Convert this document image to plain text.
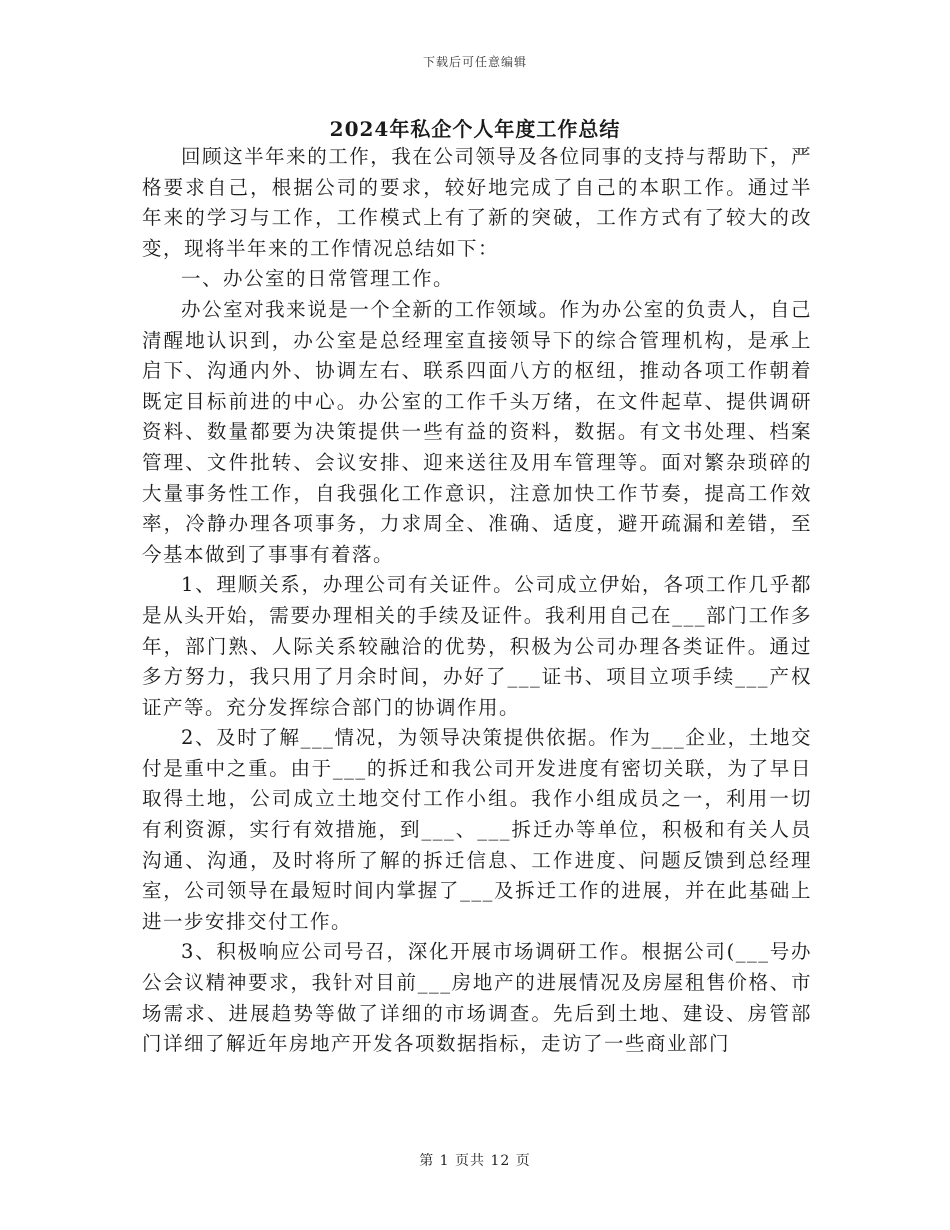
下载后可任意编辑
2024年私企个人年度工作总结

回顾这半年来的工作，我在公司领导及各位同事的支持与帮助下，严格要求自己，根据公司的要求，较好地完成了自己的本职工作。通过半年来的学习与工作，工作模式上有了新的突破，工作方式有了较大的改变，现将半年来的工作情况总结如下：

一、办公室的日常管理工作。

办公室对我来说是一个全新的工作领域。作为办公室的负责人，自己清醒地认识到，办公室是总经理室直接领导下的综合管理机构，是承上启下、沟通内外、协调左右、联系四面八方的枢纽，推动各项工作朝着既定目标前进的中心。办公室的工作千头万绪，在文件起草、提供调研资料、数量都要为决策提供一些有益的资料，数据。有文书处理、档案管理、文件批转、会议安排、迎来送往及用车管理等。面对繁杂琐碎的大量事务性工作，自我强化工作意识，注意加快工作节奏，提高工作效率，冷静办理各项事务，力求周全、准确、适度，避开疏漏和差错，至今基本做到了事事有着落。

1、理顺关系，办理公司有关证件。公司成立伊始，各项工作几乎都是从头开始，需要办理相关的手续及证件。我利用自己在___部门工作多年，部门熟、人际关系较融洽的优势，积极为公司办理各类证件。通过多方努力，我只用了月余时间，办好了___证书、项目立项手续___产权证产等。充分发挥综合部门的协调作用。

2、及时了解___情况，为领导决策提供依据。作为___企业，土地交付是重中之重。由于___的拆迁和我公司开发进度有密切关联，为了早日取得土地，公司成立土地交付工作小组。我作小组成员之一，利用一切有利资源，实行有效措施，到___、___拆迁办等单位，积极和有关人员沟通、沟通，及时将所了解的拆迁信息、工作进度、问题反馈到总经理室，公司领导在最短时间内掌握了___及拆迁工作的进展，并在此基础上进一步安排交付工作。

3、积极响应公司号召，深化开展市场调研工作。根据公司(___号办公会议精神要求，我针对目前___房地产的进展情况及房屋租售价格、市场需求、进展趋势等做了详细的市场调查。先后到土地、建设、房管部门详细了解近年房地产开发各项数据指标，走访了一些商业部门

第 1 页共 12 页
